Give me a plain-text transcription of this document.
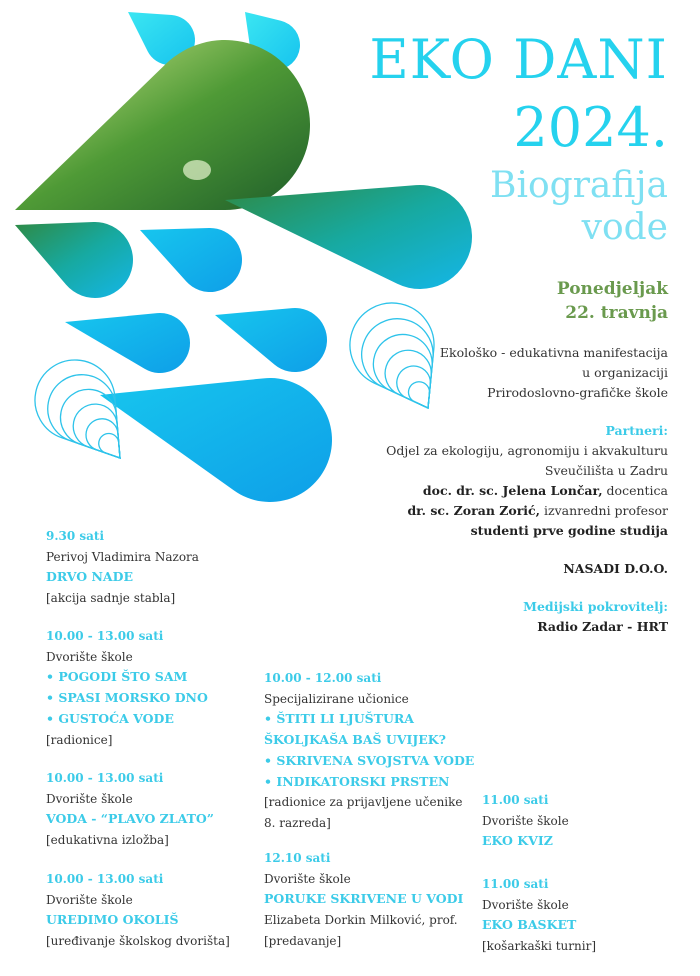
EKO DANI
2024.
Biografija
vode
Ponedjeljak
22. travnja
Ekološko - edukativna manifestacija
u organizaciji
Prirodoslovno-grafičke škole
Partneri:
Odjel za ekologiju, agronomiju i akvakulturu
Sveučilišta u Zadru
doc. dr. sc. Jelena Lončar, docentica
dr. sc. Zoran Zorić, izvanredni profesor
studenti prve godine studija
NASADI D.O.O.
Medijski pokrovitelj:
Radio Zadar - HRT
9.30 sati
Perivoj Vladimira Nazora
DRVO NADE
[akcija sadnje stabla]
10.00 - 13.00 sati
Dvorište škole
• POGODI ŠTO SAM
• SPASI MORSKO DNO
• GUSTOĆA VODE
[radionice]
10.00 - 13.00 sati
Dvorište škole
VODA - “PLAVO ZLATO”
[edukativna izložba]
10.00 - 13.00 sati
Dvorište škole
UREDIMO OKOLIŠ
[uređivanje školskog dvorišta]
10.00 - 12.00 sati
Specijalizirane učionice
• ŠTITI LI LJUŠTURA
ŠKOLJKAŠA BAŠ UVIJEK?
• SKRIVENA SVOJSTVA VODE
• INDIKATORSKI PRSTEN
[radionice za prijavljene učenike
8. razreda]
12.10 sati
Dvorište škole
PORUKE SKRIVENE U VODI
Elizabeta Dorkin Milković, prof.
[predavanje]
11.00 sati
Dvorište škole
EKO KVIZ
11.00 sati
Dvorište škole
EKO BASKET
[košarkaški turnir]
